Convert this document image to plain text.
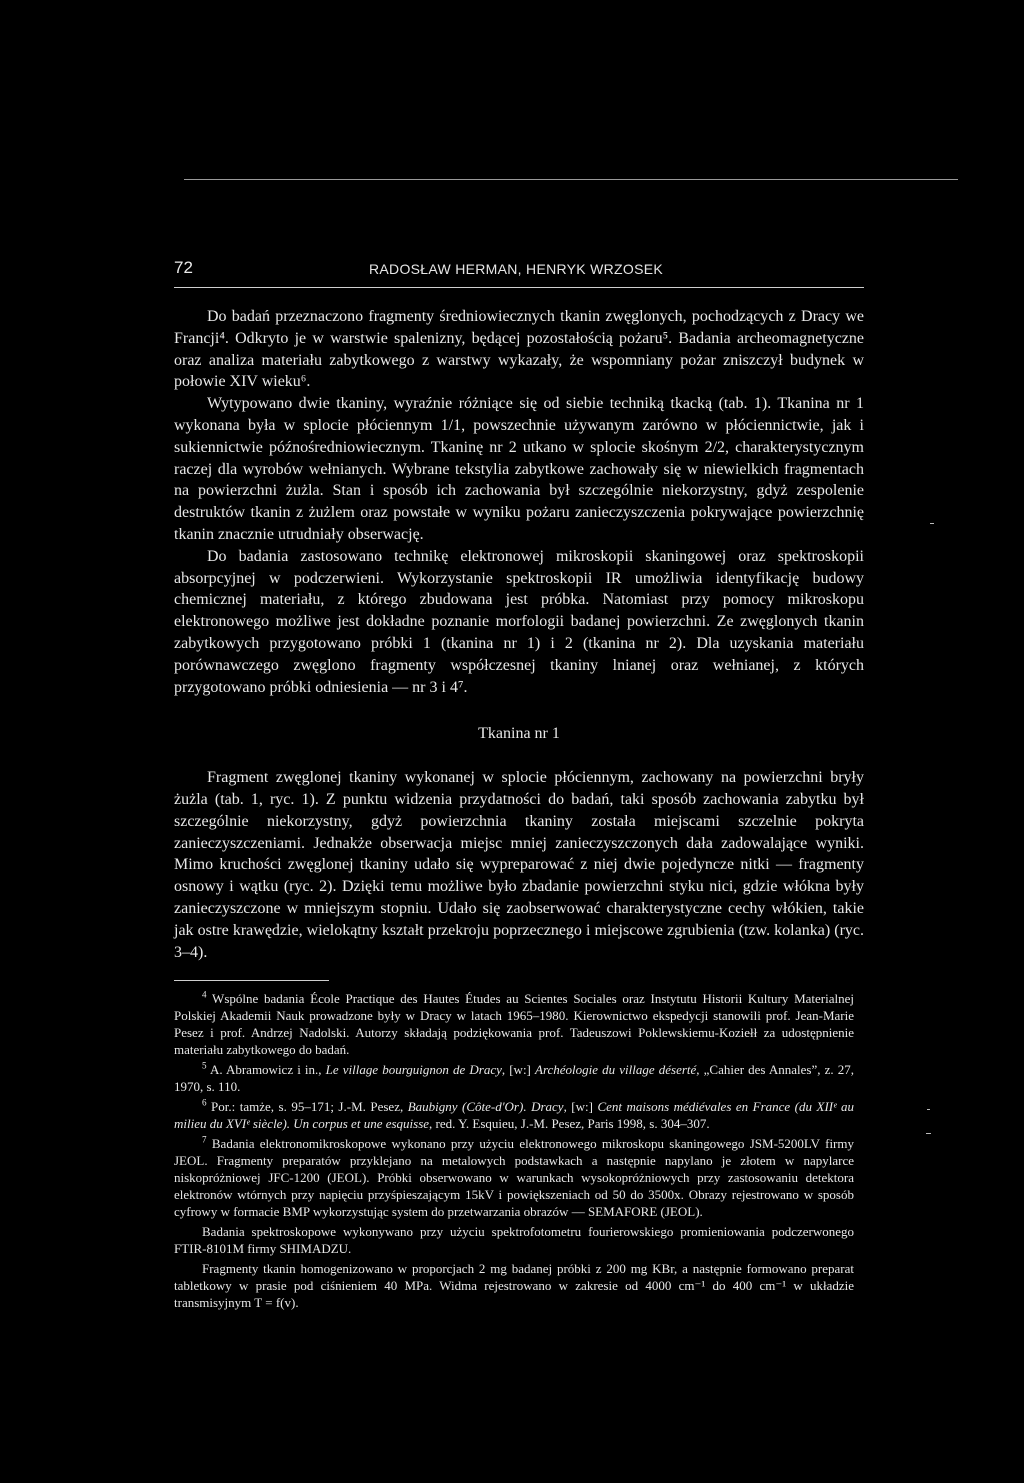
72	RADOSŁAW HERMAN, HENRYK WRZOSEK

Do badań przeznaczono fragmenty średniowiecznych tkanin zwęglonych, pochodzących z Dracy we Francji⁴. Odkryto je w warstwie spalenizny, będącej pozostałością pożaru⁵. Badania archeomagnetyczne oraz analiza materiału zabytkowego z warstwy wykazały, że wspomniany pożar zniszczył budynek w połowie XIV wieku⁶.

Wytypowano dwie tkaniny, wyraźnie różniące się od siebie techniką tkacką (tab. 1). Tkanina nr 1 wykonana była w splocie płóciennym 1/1, powszechnie używanym zarówno w płóciennictwie, jak i sukiennictwie późnośredniowiecznym. Tkaninę nr 2 utkano w splocie skośnym 2/2, charakterystycznym raczej dla wyrobów wełnianych. Wybrane tekstylia zabytkowe zachowały się w niewielkich fragmentach na powierzchni żużla. Stan i sposób ich zachowania był szczególnie niekorzystny, gdyż zespolenie destruktów tkanin z żużlem oraz powstałe w wyniku pożaru zanieczyszczenia pokrywające powierzchnię tkanin znacznie utrudniały obserwację.

Do badania zastosowano technikę elektronowej mikroskopii skaningowej oraz spektroskopii absorpcyjnej w podczerwieni. Wykorzystanie spektroskopii IR umożliwia identyfikację budowy chemicznej materiału, z którego zbudowana jest próbka. Natomiast przy pomocy mikroskopu elektronowego możliwe jest dokładne poznanie morfologii badanej powierzchni. Ze zwęglonych tkanin zabytkowych przygotowano próbki 1 (tkanina nr 1) i 2 (tkanina nr 2). Dla uzyskania materiału porównawczego zwęglono fragmenty współczesnej tkaniny lnianej oraz wełnianej, z których przygotowano próbki odniesienia — nr 3 i 4⁷.

Tkanina nr 1

Fragment zwęglonej tkaniny wykonanej w splocie płóciennym, zachowany na powierzchni bryły żużla (tab. 1, ryc. 1). Z punktu widzenia przydatności do badań, taki sposób zachowania zabytku był szczególnie niekorzystny, gdyż powierzchnia tkaniny została miejscami szczelnie pokryta zanieczyszczeniami. Jednakże obserwacja miejsc mniej zanieczyszczonych dała zadowalające wyniki. Mimo kruchości zwęglonej tkaniny udało się wypreparować z niej dwie pojedyncze nitki — fragmenty osnowy i wątku (ryc. 2). Dzięki temu możliwe było zbadanie powierzchni styku nici, gdzie włókna były zanieczyszczone w mniejszym stopniu. Udało się zaobserwować charakterystyczne cechy włókien, takie jak ostre krawędzie, wielokątny kształt przekroju poprzecznego i miejscowe zgrubienia (tzw. kolanka) (ryc. 3–4).

$^4$ Wspólne badania École Practique des Hautes Études au Scientes Sociales oraz Instytutu Historii Kultury Materialnej Polskiej Akademii Nauk prowadzone były w Dracy w latach 1965–1980. Kierownictwo ekspedycji stanowili prof. Jean-Marie Pesez i prof. Andrzej Nadolski. Autorzy składają podziękowania prof. Tadeuszowi Poklewskiemu-Koziełł za udostępnienie materiału zabytkowego do badań.

$^5$ A. Abramowicz i in., Le village bourguignon de Dracy, [w:] Archéologie du village déserté, „Cahier des Annales”, z. 27, 1970, s. 110.

$^6$ Por.: tamże, s. 95–171; J.-M. Pesez, Baubigny (Côte-d'Or). Dracy, [w:] Cent maisons médiévales en France (du XIIᵉ au milieu du XVIᵉ siècle). Un corpus et une esquisse, red. Y. Esquieu, J.-M. Pesez, Paris 1998, s. 304–307.

$^7$ Badania elektronomikroskopowe wykonano przy użyciu elektronowego mikroskopu skaningowego JSM-5200LV firmy JEOL. Fragmenty preparatów przyklejano na metalowych podstawkach a następnie napylano je złotem w napylarce niskopróżniowej JFC-1200 (JEOL). Próbki obserwowano w warunkach wysokopróżniowych przy zastosowaniu detektora elektronów wtórnych przy napięciu przyśpieszającym 15kV i powiększeniach od 50 do 3500x. Obrazy rejestrowano w sposób cyfrowy w formacie BMP wykorzystując system do przetwarzania obrazów — SEMAFORE (JEOL).

Badania spektroskopowe wykonywano przy użyciu spektrofotometru fourierowskiego promieniowania podczerwonego FTIR-8101M firmy SHIMADZU.

Fragmenty tkanin homogenizowano w proporcjach 2 mg badanej próbki z 200 mg KBr, a następnie formowano preparat tabletkowy w prasie pod ciśnieniem 40 MPa. Widma rejestrowano w zakresie od 4000 cm⁻¹ do 400 cm⁻¹ w układzie transmisyjnym T = f(v).
